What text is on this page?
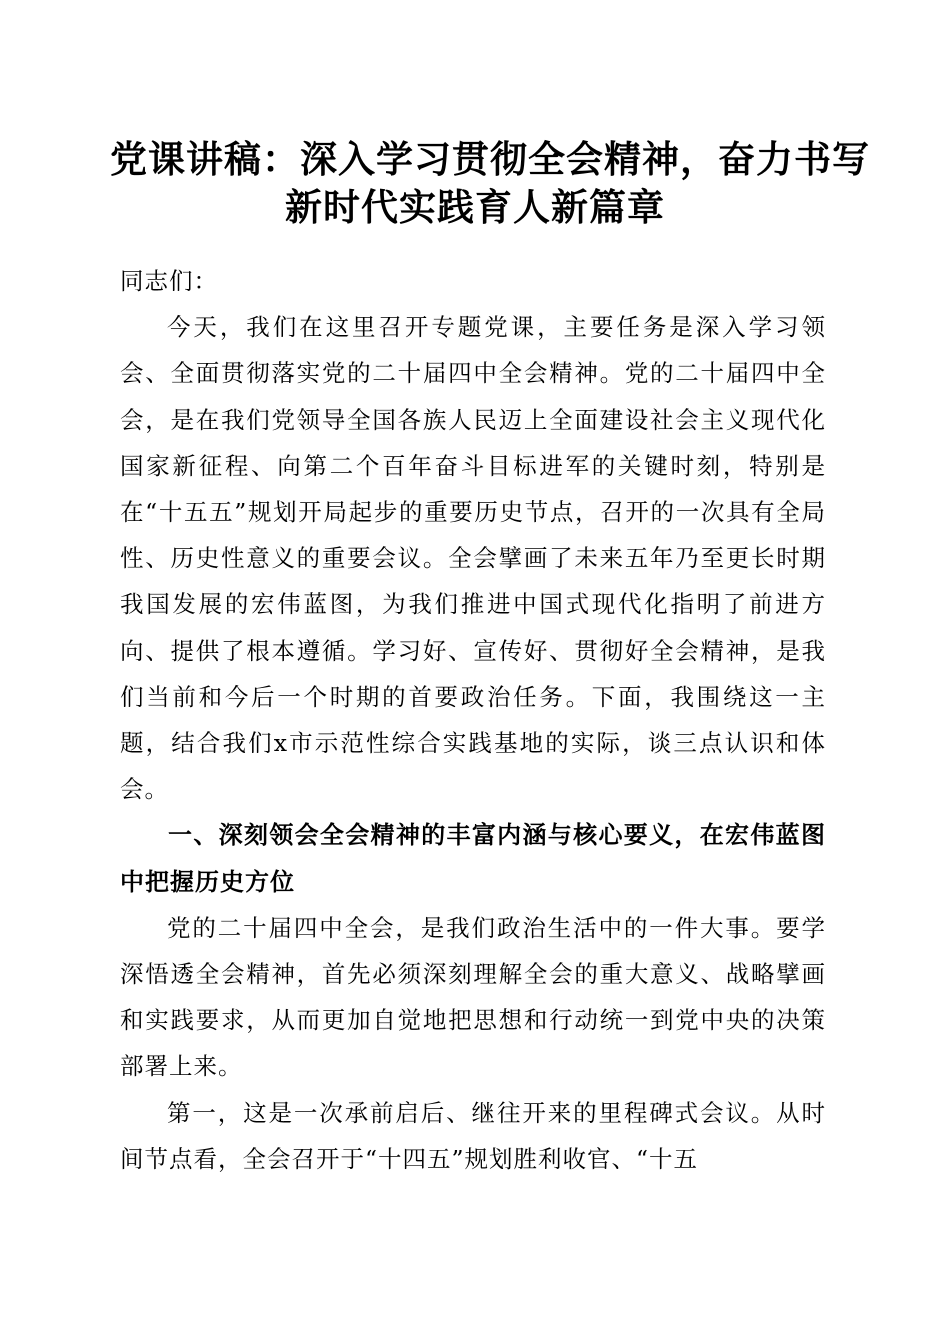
党课讲稿：深入学习贯彻全会精神，奋力书写
新时代实践育人新篇章

同志们：

今天，我们在这里召开专题党课，主要任务是深入学习领会、全面贯彻落实党的二十届四中全会精神。党的二十届四中全会，是在我们党领导全国各族人民迈上全面建设社会主义现代化国家新征程、向第二个百年奋斗目标进军的关键时刻，特别是在“十五五”规划开局起步的重要历史节点，召开的一次具有全局性、历史性意义的重要会议。全会擘画了未来五年乃至更长时期我国发展的宏伟蓝图，为我们推进中国式现代化指明了前进方向、提供了根本遵循。学习好、宣传好、贯彻好全会精神，是我们当前和今后一个时期的首要政治任务。下面，我围绕这一主题，结合我们x市示范性综合实践基地的实际，谈三点认识和体会。

一、深刻领会全会精神的丰富内涵与核心要义，在宏伟蓝图中把握历史方位

党的二十届四中全会，是我们政治生活中的一件大事。要学深悟透全会精神，首先必须深刻理解全会的重大意义、战略擘画和实践要求，从而更加自觉地把思想和行动统一到党中央的决策部署上来。

第一，这是一次承前启后、继往开来的里程碑式会议。从时间节点看，全会召开于“十四五”规划胜利收官、“十五
